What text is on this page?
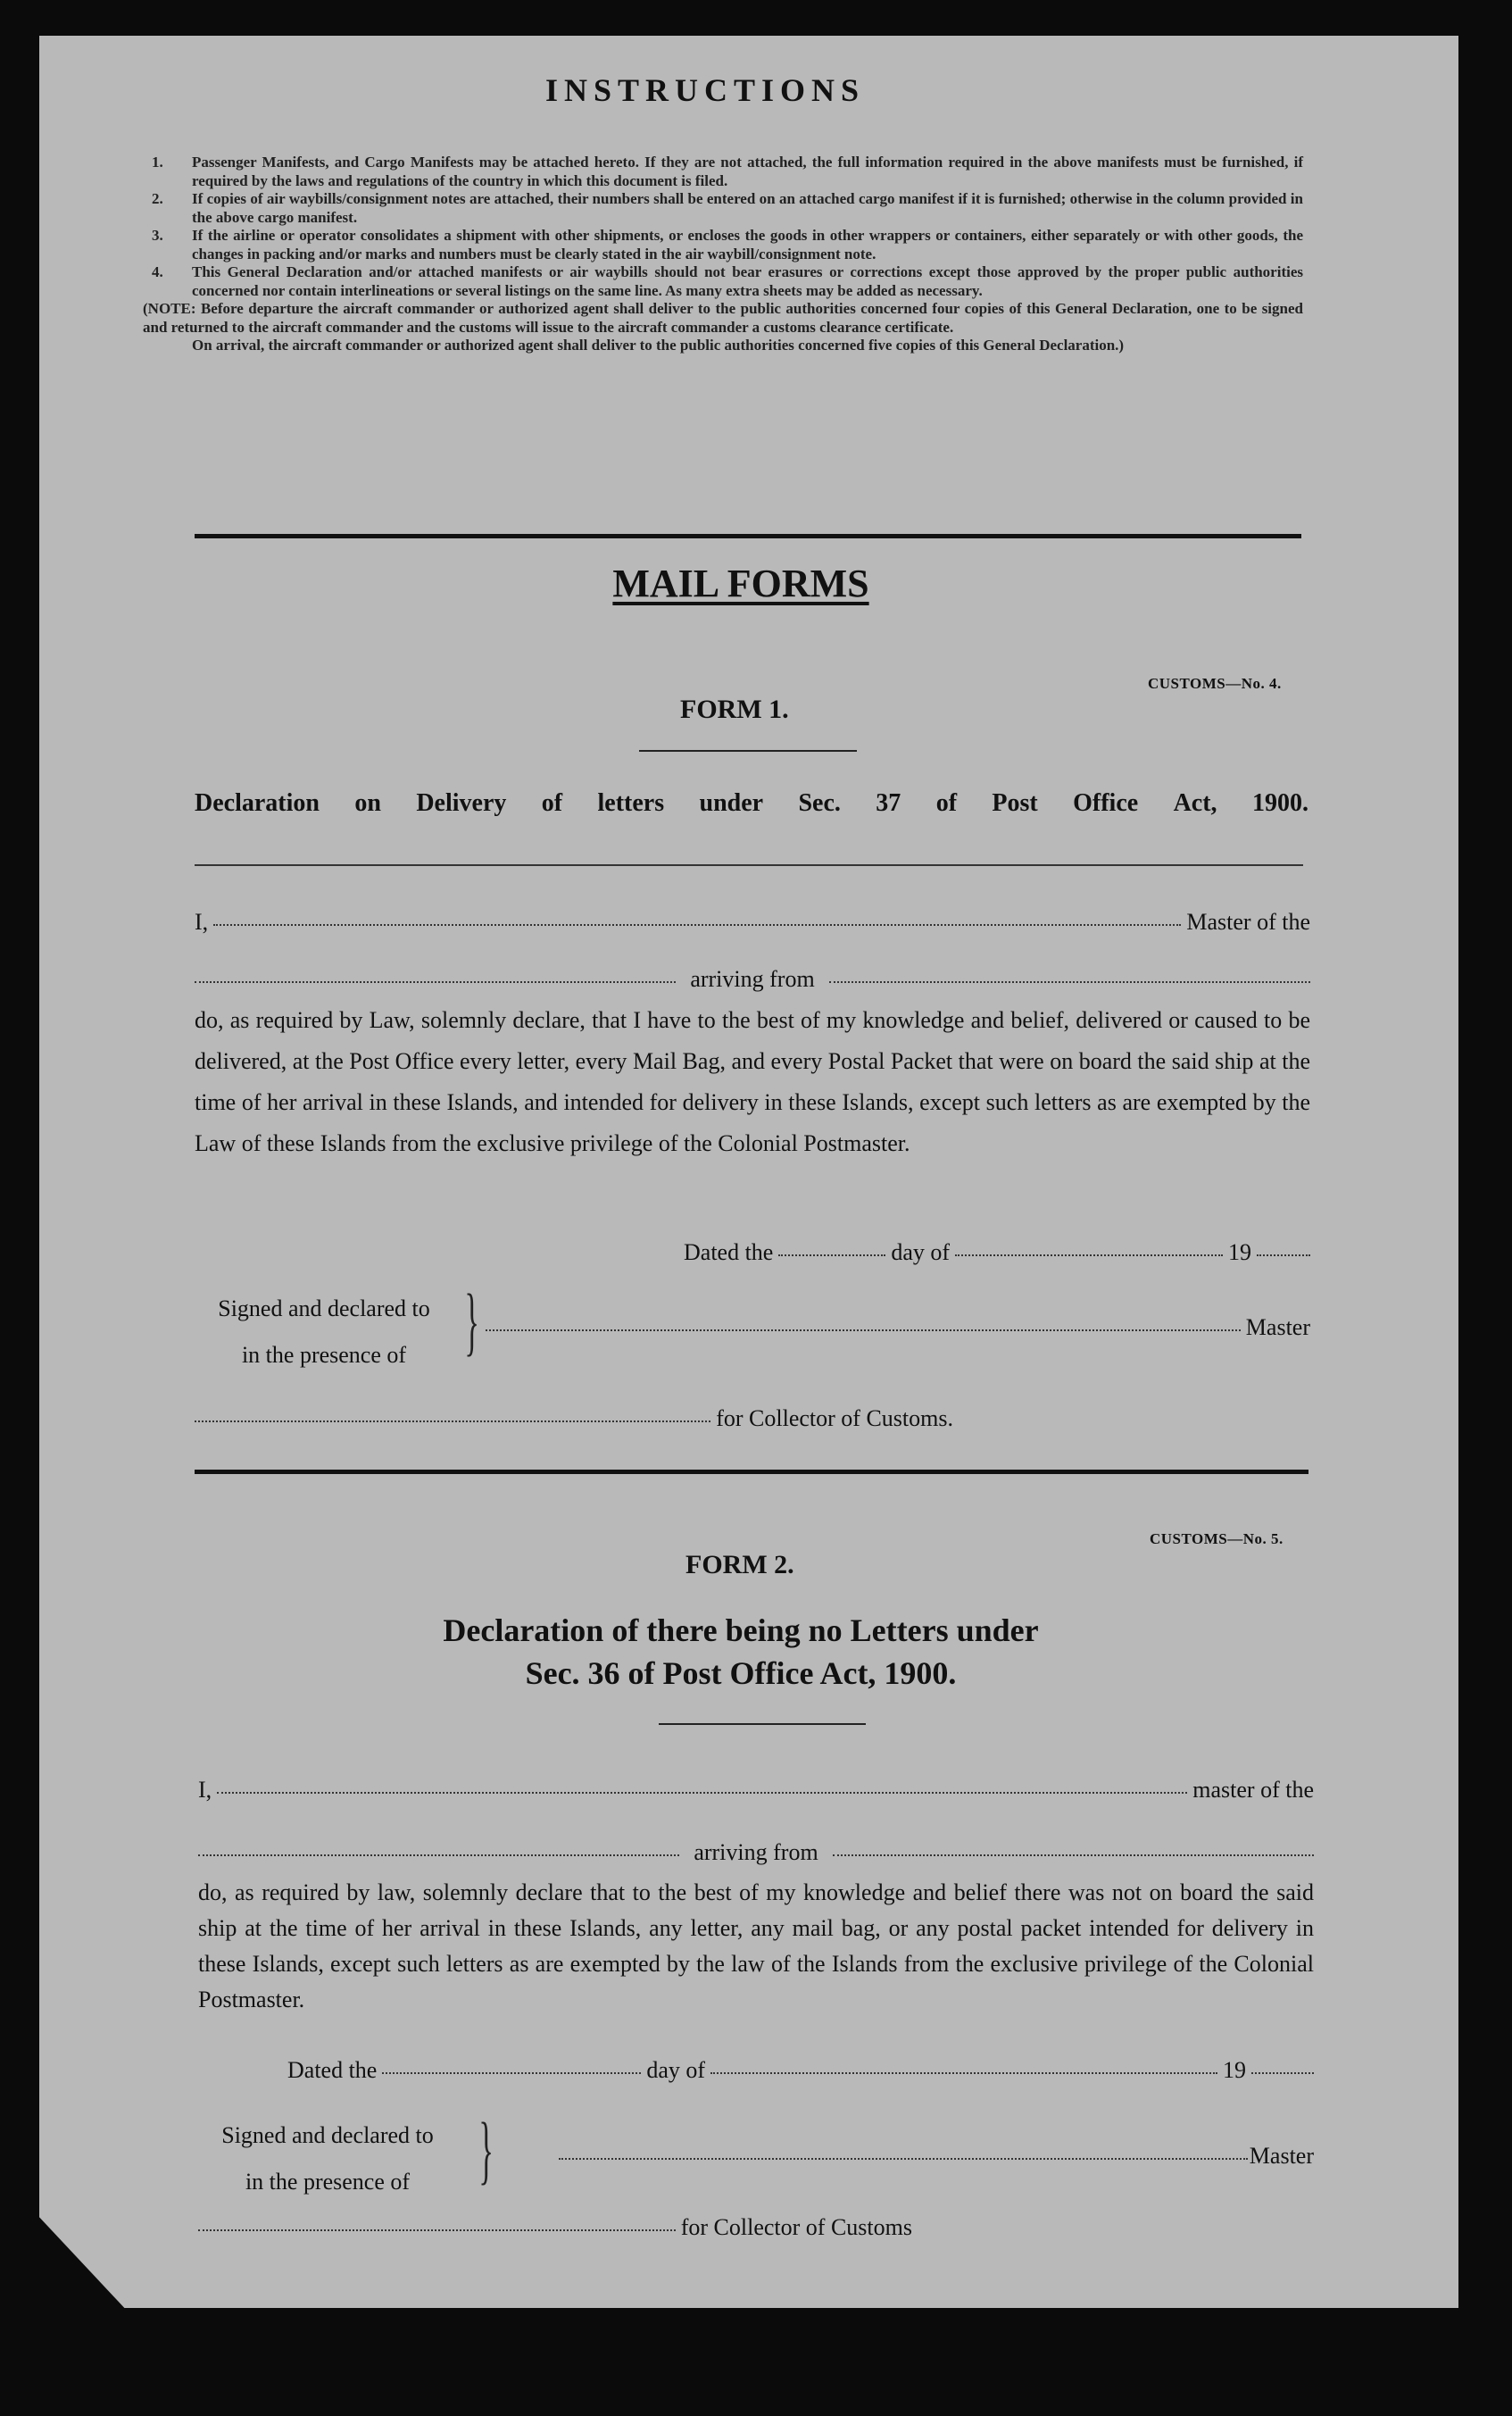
INSTRUCTIONS
1.	Passenger Manifests, and Cargo Manifests may be attached hereto. If they are not attached, the full information required in the above manifests must be furnished, if required by the laws and regulations of the country in which this document is filed.
2.	If copies of air waybills/consignment notes are attached, their numbers shall be entered on an attached cargo manifest if it is furnished; otherwise in the column provided in the above cargo manifest.
3.	If the airline or operator consolidates a shipment with other shipments, or encloses the goods in other wrappers or containers, either separately or with other goods, the changes in packing and/or marks and numbers must be clearly stated in the air waybill/consignment note.
4.	This General Declaration and/or attached manifests or air waybills should not bear erasures or corrections except those approved by the proper public authorities concerned nor contain interlineations or several listings on the same line. As many extra sheets may be added as necessary.
(NOTE: Before departure the aircraft commander or authorized agent shall deliver to the public authorities concerned four copies of this General Declaration, one to be signed and returned to the aircraft commander and the customs will issue to the aircraft commander a customs clearance certificate.
On arrival, the aircraft commander or authorized agent shall deliver to the public authorities concerned five copies of this General Declaration.)
MAIL FORMS
CUSTOMS—No. 4.
FORM 1.
Declaration on Delivery of letters under Sec. 37 of Post Office Act, 1900.
I,	Master of the
arriving from
do, as required by Law, solemnly declare, that I have to the best of my knowledge and belief, delivered or caused to be delivered, at the Post Office every letter, every Mail Bag, and every Postal Packet that were on board the said ship at the time of her arrival in these Islands, and intended for delivery in these Islands, except such letters as are exempted by the Law of these Islands from the exclusive privilege of the Colonial Postmaster.
Dated the	day of	19
Signed and declared to
in the presence of }	Master
for Collector of Customs.
CUSTOMS—No. 5.
FORM 2.
Declaration of there being no Letters under
Sec. 36 of Post Office Act, 1900.
I,	master of the
arriving from
do, as required by law, solemnly declare that to the best of my knowledge and belief there was not on board the said ship at the time of her arrival in these Islands, any letter, any mail bag, or any postal packet intended for delivery in these Islands, except such letters as are exempted by the law of the Islands from the exclusive privilege of the Colonial Postmaster.
Dated the	day of	19
Signed and declared to
in the presence of }	Master
for Collector of Customs
